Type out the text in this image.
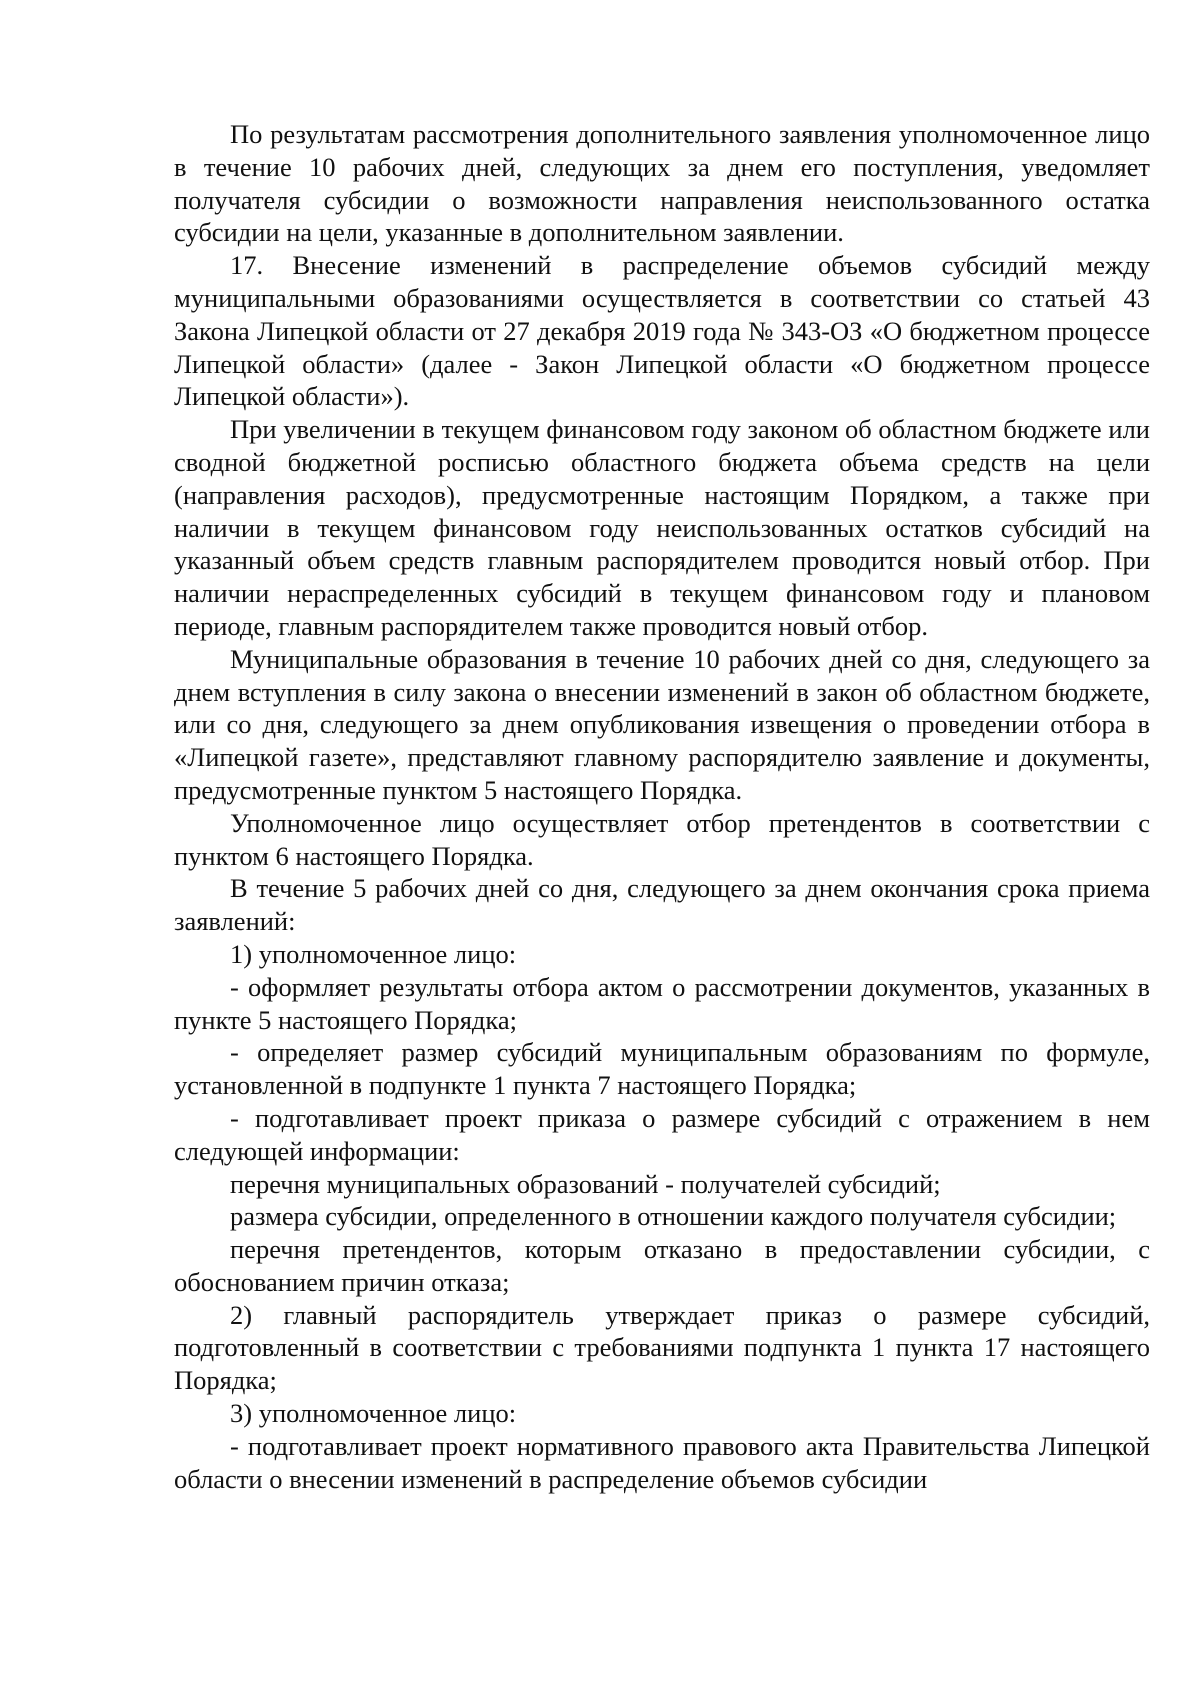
По результатам рассмотрения дополнительного заявления уполномоченное лицо в течение 10 рабочих дней, следующих за днем его поступления, уведомляет получателя субсидии о возможности направления неиспользованного остатка субсидии на цели, указанные в дополнительном заявлении.

17. Внесение изменений в распределение объемов субсидий между муниципальными образованиями осуществляется в соответствии со статьей 43 Закона Липецкой области от 27 декабря 2019 года № 343-ОЗ «О бюджетном процессе Липецкой области» (далее - Закон Липецкой области «О бюджетном процессе Липецкой области»).

При увеличении в текущем финансовом году законом об областном бюджете или сводной бюджетной росписью областного бюджета объема средств на цели (направления расходов), предусмотренные настоящим Порядком, а также при наличии в текущем финансовом году неиспользованных остатков субсидий на указанный объем средств главным распорядителем проводится новый отбор. При наличии нераспределенных субсидий в текущем финансовом году и плановом периоде, главным распорядителем также проводится новый отбор.

Муниципальные образования в течение 10 рабочих дней со дня, следующего за днем вступления в силу закона о внесении изменений в закон об областном бюджете, или со дня, следующего за днем опубликования извещения о проведении отбора в «Липецкой газете», представляют главному распорядителю заявление и документы, предусмотренные пунктом 5 настоящего Порядка.

Уполномоченное лицо осуществляет отбор претендентов в соответствии с пунктом 6 настоящего Порядка.

В течение 5 рабочих дней со дня, следующего за днем окончания срока приема заявлений:

1) уполномоченное лицо:

- оформляет результаты отбора актом о рассмотрении документов, указанных в пункте 5 настоящего Порядка;

- определяет размер субсидий муниципальным образованиям по формуле, установленной в подпункте 1 пункта 7 настоящего Порядка;

- подготавливает проект приказа о размере субсидий с отражением в нем следующей информации:

перечня муниципальных образований - получателей субсидий;

размера субсидии, определенного в отношении каждого получателя субсидии;

перечня претендентов, которым отказано в предоставлении субсидии, с обоснованием причин отказа;

2) главный распорядитель утверждает приказ о размере субсидий, подготовленный в соответствии с требованиями подпункта 1 пункта 17 настоящего Порядка;

3) уполномоченное лицо:

- подготавливает проект нормативного правового акта Правительства Липецкой области о внесении изменений в распределение объемов субсидии
